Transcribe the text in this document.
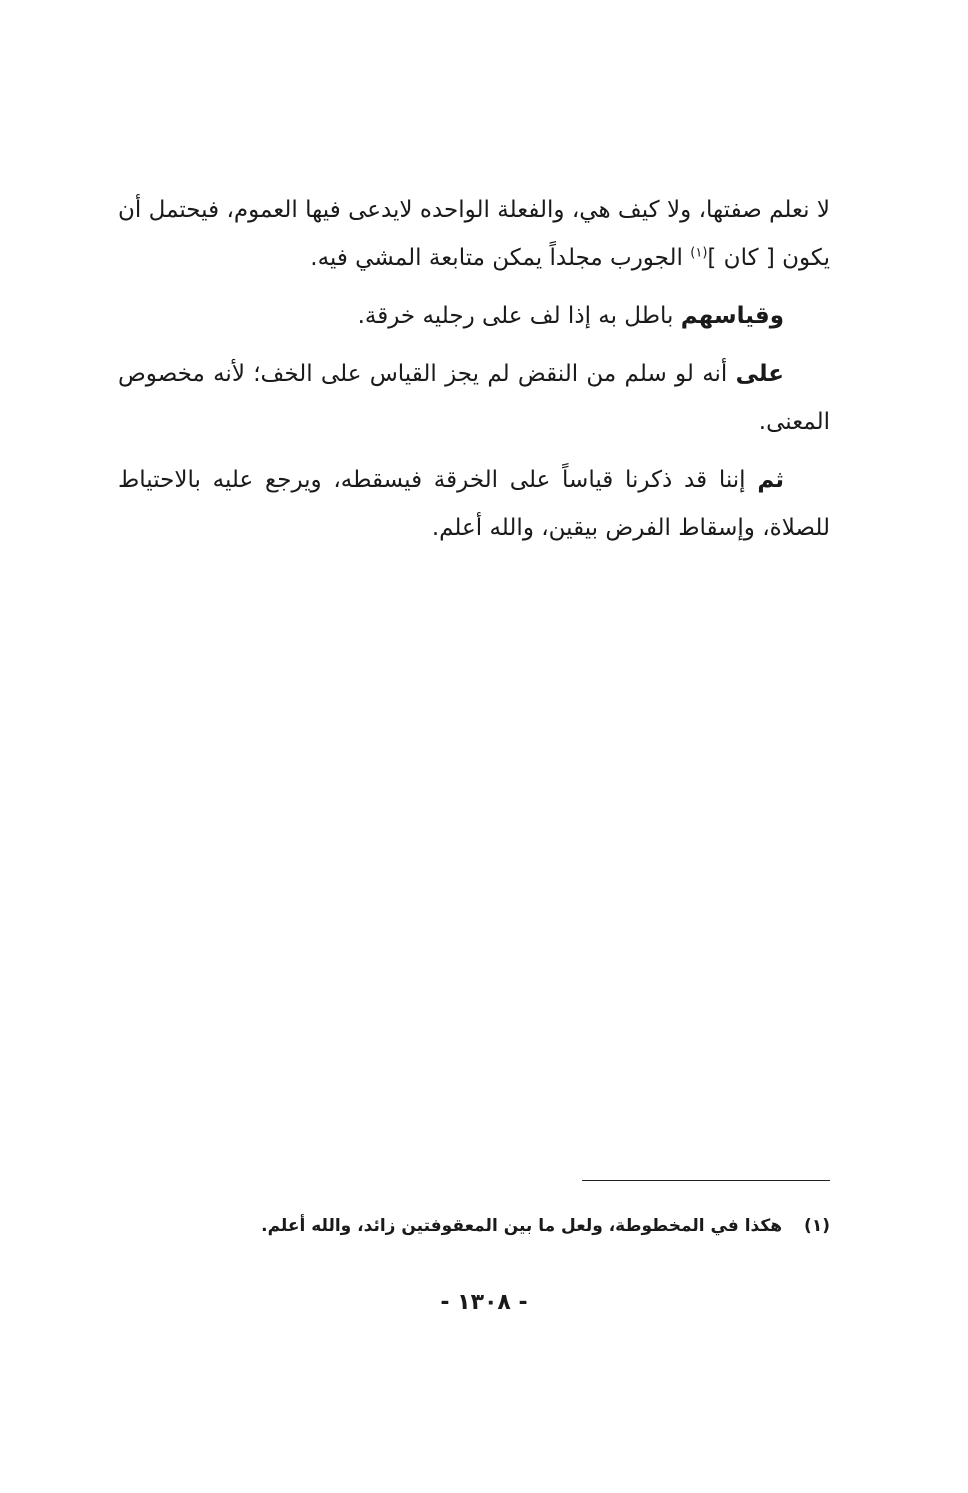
لا نعلم صفتها، ولا كيف هي، والفعلة الواحده لايدعى فيها العموم، فيحتمل أن يكون [ كان ]$^{(١)}$ الجورب مجلداً يمكن متابعة المشي فيه.

وقياسهم باطل به إذا لف على رجليه خرقة.

على أنه لو سلم من النقض لم يجز القياس على الخف؛ لأنه مخصوص المعنى.

ثم إننا قد ذكرنا قياساً على الخرقة فيسقطه، ويرجع عليه بالاحتياط للصلاة، وإسقاط الفرض بيقين، والله أعلم.

(١)هكذا في المخطوطة، ولعل ما بين المعقوفتين زائد، والله أعلم.
- ١٣٠٨ -
